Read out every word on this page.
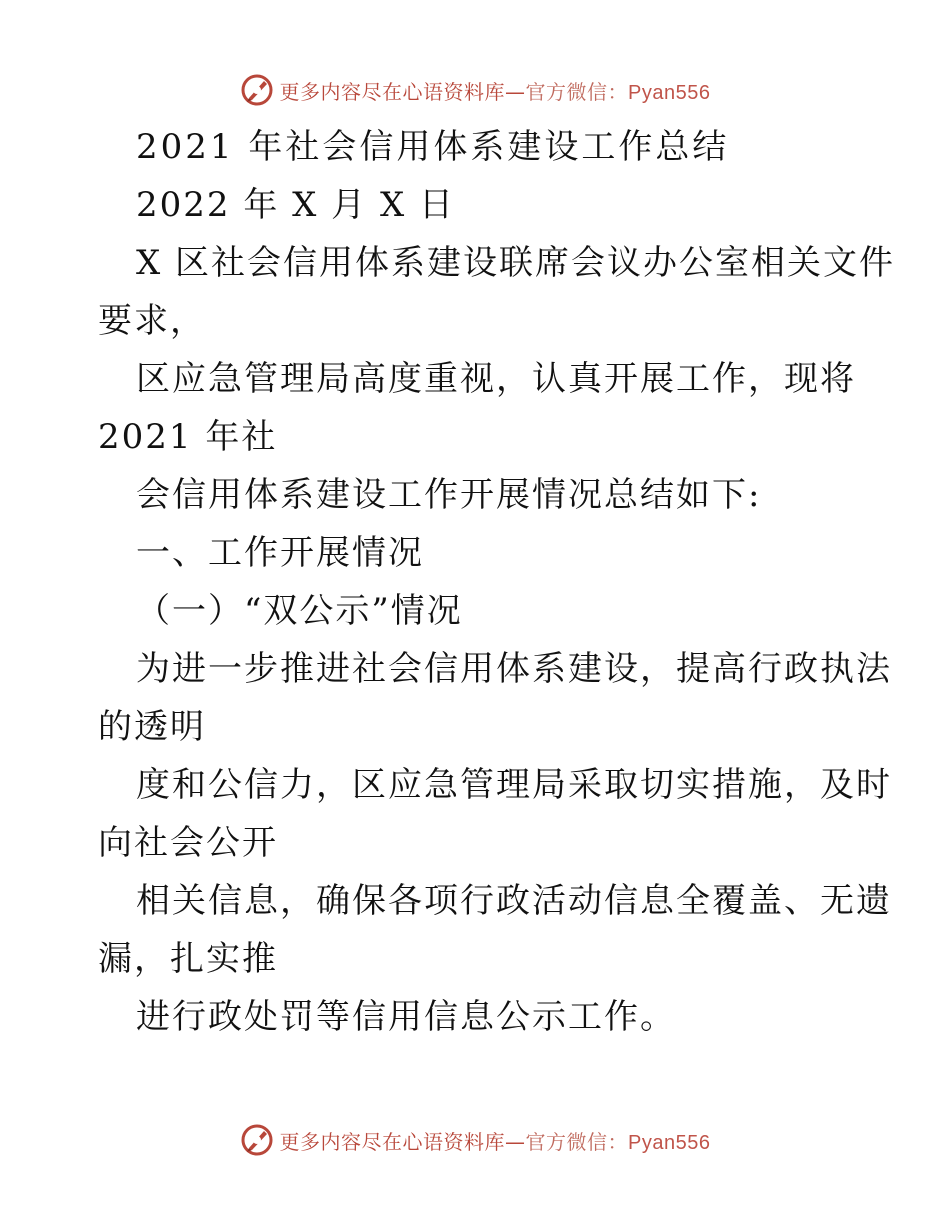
更多内容尽在心语资料库—官方微信：Pyan556
2021 年社会信用体系建设工作总结
2022 年 X 月 X 日
X 区社会信用体系建设联席会议办公室相关文件
要求，
区应急管理局高度重视，认真开展工作，现将
2021 年社
会信用体系建设工作开展情况总结如下:
一、工作开展情况
（一）“双公示”情况
为进一步推进社会信用体系建设，提高行政执法
的透明
度和公信力，区应急管理局采取切实措施，及时
向社会公开
相关信息，确保各项行政活动信息全覆盖、无遗
漏，扎实推
进行政处罚等信用信息公示工作。
更多内容尽在心语资料库—官方微信：Pyan556
